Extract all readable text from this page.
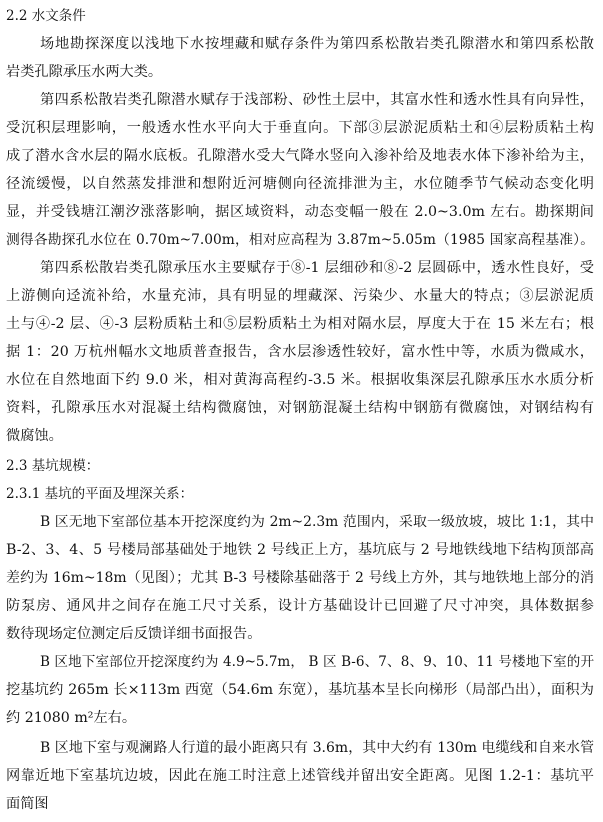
2.2 水文条件
场地勘探深度以浅地下水按埋藏和赋存条件为第四系松散岩类孔隙潜水和第四系松散
岩类孔隙承压水两大类。
第四系松散岩类孔隙潜水赋存于浅部粉、砂性土层中，其富水性和透水性具有向异性，
受沉积层理影响，一般透水性水平向大于垂直向。下部③层淤泥质粘土和④层粉质粘土构
成了潜水含水层的隔水底板。孔隙潜水受大气降水竖向入渗补给及地表水体下渗补给为主，
径流缓慢，以自然蒸发排泄和想附近河塘侧向径流排泄为主，水位随季节气候动态变化明
显，并受钱塘江潮汐涨落影响，据区域资料，动态变幅一般在 2.0~3.0m 左右。勘探期间
测得各勘探孔水位在 0.70m~7.00m，相对应高程为 3.87m~5.05m（1985 国家高程基准）。
第四系松散岩类孔隙承压水主要赋存于⑧-1 层细砂和⑧-2 层圆砾中，透水性良好，受
上游侧向迳流补给，水量充沛，具有明显的埋藏深、污染少、水量大的特点；③层淤泥质
土与④-2 层、④-3 层粉质粘土和⑤层粉质粘土为相对隔水层，厚度大于在 15 米左右；根
据 1：20 万杭州幅水文地质普查报告，含水层渗透性较好，富水性中等，水质为微咸水，
水位在自然地面下约 9.0 米，相对黄海高程约-3.5 米。根据收集深层孔隙承压水水质分析
资料，孔隙承压水对混凝土结构微腐蚀，对钢筋混凝土结构中钢筋有微腐蚀，对钢结构有
微腐蚀。
2.3 基坑规模：
2.3.1 基坑的平面及埋深关系：
B 区无地下室部位基本开挖深度约为 2m~2.3m 范围内，采取一级放坡，坡比 1:1，其中
B-2、3、4、5 号楼局部基础处于地铁 2 号线正上方，基坑底与 2 号地铁线地下结构顶部高
差约为 16m~18m（见图）；尤其 B-3 号楼除基础落于 2 号线上方外，其与地铁地上部分的消
防泵房、通风井之间存在施工尺寸关系，设计方基础设计已回避了尺寸冲突，具体数据参
数待现场定位测定后反馈详细书面报告。
B 区地下室部位开挖深度约为 4.9~5.7m， B 区 B-6、7、8、9、10、11 号楼地下室的开
挖基坑约 265m 长×113m 西宽（54.6m 东宽），基坑基本呈长向梯形（局部凸出），面积为
约 21080 m²左右。
B 区地下室与观澜路人行道的最小距离只有 3.6m，其中大约有 130m 电缆线和自来水管
网靠近地下室基坑边坡，因此在施工时注意上述管线并留出安全距离。见图 1.2-1：基坑平
面简图
